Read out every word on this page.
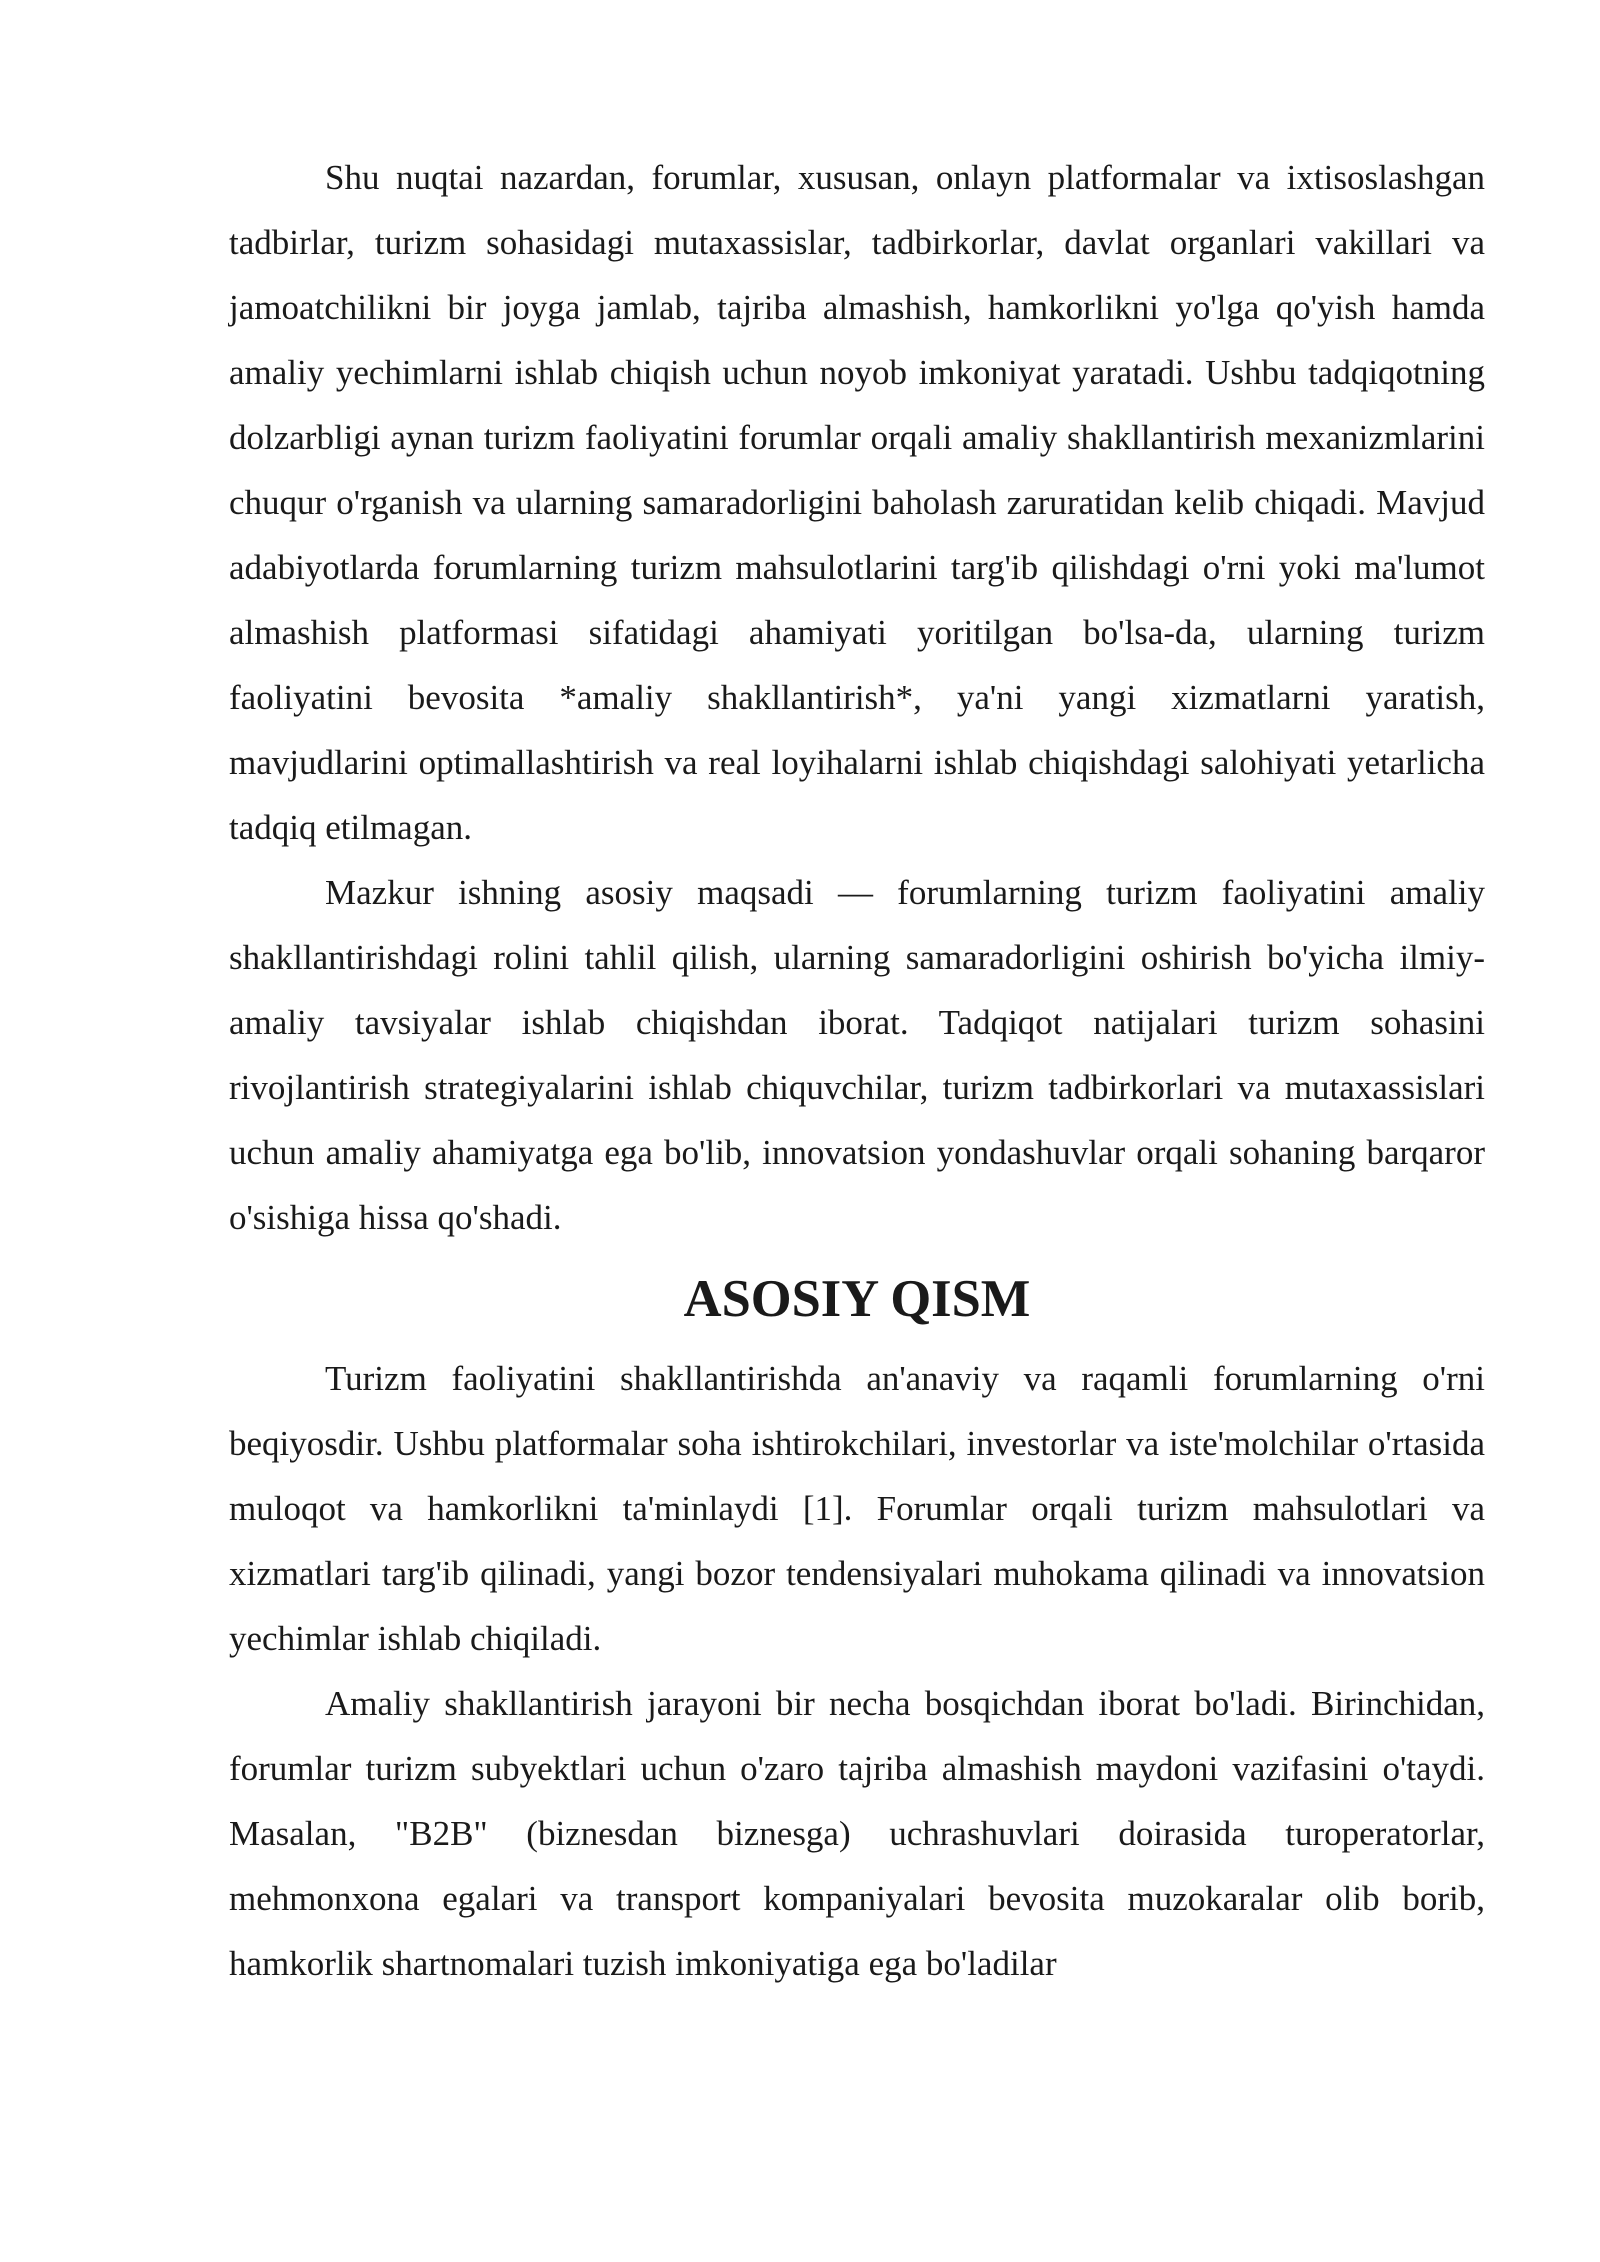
Shu nuqtai nazardan, forumlar, xususan, onlayn platformalar va ixtisoslashgan tadbirlar, turizm sohasidagi mutaxassislar, tadbirkorlar, davlat organlari vakillari va jamoatchilikni bir joyga jamlab, tajriba almashish, hamkorlikni yo'lga qo'yish hamda amaliy yechimlarni ishlab chiqish uchun noyob imkoniyat yaratadi. Ushbu tadqiqotning dolzarbligi aynan turizm faoliyatini forumlar orqali amaliy shakllantirish mexanizmlarini chuqur o'rganish va ularning samaradorligini baholash zaruratidan kelib chiqadi. Mavjud adabiyotlarda forumlarning turizm mahsulotlarini targ'ib qilishdagi o'rni yoki ma'lumot almashish platformasi sifatidagi ahamiyati yoritilgan bo'lsa-da, ularning turizm faoliyatini bevosita *amaliy shakllantirish*, ya'ni yangi xizmatlarni yaratish, mavjudlarini optimallashtirish va real loyihalarni ishlab chiqishdagi salohiyati yetarlicha tadqiq etilmagan.

Mazkur ishning asosiy maqsadi — forumlarning turizm faoliyatini amaliy shakllantirishdagi rolini tahlil qilish, ularning samaradorligini oshirish bo'yicha ilmiy-amaliy tavsiyalar ishlab chiqishdan iborat. Tadqiqot natijalari turizm sohasini rivojlantirish strategiyalarini ishlab chiquvchilar, turizm tadbirkorlari va mutaxassislari uchun amaliy ahamiyatga ega bo'lib, innovatsion yondashuvlar orqali sohaning barqaror o'sishiga hissa qo'shadi.

ASOSIY QISM

Turizm faoliyatini shakllantirishda an'anaviy va raqamli forumlarning o'rni beqiyosdir. Ushbu platformalar soha ishtirokchilari, investorlar va iste'molchilar o'rtasida muloqot va hamkorlikni ta'minlaydi [1]. Forumlar orqali turizm mahsulotlari va xizmatlari targ'ib qilinadi, yangi bozor tendensiyalari muhokama qilinadi va innovatsion yechimlar ishlab chiqiladi.

Amaliy shakllantirish jarayoni bir necha bosqichdan iborat bo'ladi. Birinchidan, forumlar turizm subyektlari uchun o'zaro tajriba almashish maydoni vazifasini o'taydi. Masalan, "B2B" (biznesdan biznesga) uchrashuvlari doirasida turoperatorlar, mehmonxona egalari va transport kompaniyalari bevosita muzokaralar olib borib, hamkorlik shartnomalari tuzish imkoniyatiga ega bo'ladilar
